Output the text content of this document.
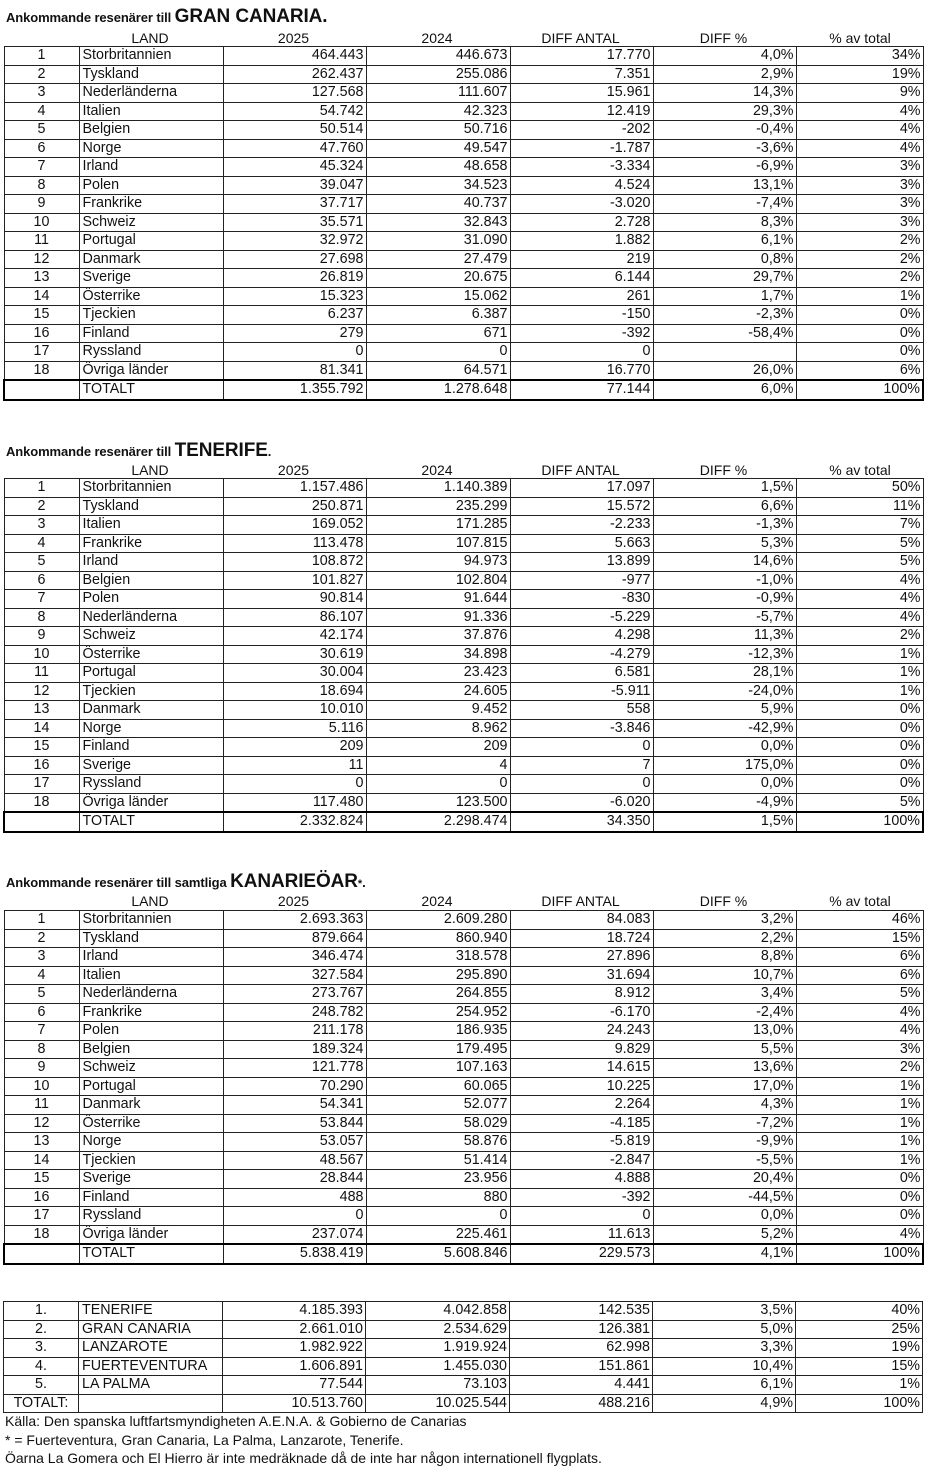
Ankommande resenärer till GRAN CANARIA.
LAND	2025	2024	DIFF ANTAL	DIFF %	% av total
1	Storbritannien	464.443	446.673	17.770	4,0%	34%
2	Tyskland	262.437	255.086	7.351	2,9%	19%
3	Nederländerna	127.568	111.607	15.961	14,3%	9%
4	Italien	54.742	42.323	12.419	29,3%	4%
5	Belgien	50.514	50.716	-202	-0,4%	4%
6	Norge	47.760	49.547	-1.787	-3,6%	4%
7	Irland	45.324	48.658	-3.334	-6,9%	3%
8	Polen	39.047	34.523	4.524	13,1%	3%
9	Frankrike	37.717	40.737	-3.020	-7,4%	3%
10	Schweiz	35.571	32.843	2.728	8,3%	3%
11	Portugal	32.972	31.090	1.882	6,1%	2%
12	Danmark	27.698	27.479	219	0,8%	2%
13	Sverige	26.819	20.675	6.144	29,7%	2%
14	Österrike	15.323	15.062	261	1,7%	1%
15	Tjeckien	6.237	6.387	-150	-2,3%	0%
16	Finland	279	671	-392	-58,4%	0%
17	Ryssland	0	0	0		0%
18	Övriga länder	81.341	64.571	16.770	26,0%	6%
	TOTALT	1.355.792	1.278.648	77.144	6,0%	100%
Ankommande resenärer till TENERIFE.
LAND	2025	2024	DIFF ANTAL	DIFF %	% av total
1	Storbritannien	1.157.486	1.140.389	17.097	1,5%	50%
2	Tyskland	250.871	235.299	15.572	6,6%	11%
3	Italien	169.052	171.285	-2.233	-1,3%	7%
4	Frankrike	113.478	107.815	5.663	5,3%	5%
5	Irland	108.872	94.973	13.899	14,6%	5%
6	Belgien	101.827	102.804	-977	-1,0%	4%
7	Polen	90.814	91.644	-830	-0,9%	4%
8	Nederländerna	86.107	91.336	-5.229	-5,7%	4%
9	Schweiz	42.174	37.876	4.298	11,3%	2%
10	Österrike	30.619	34.898	-4.279	-12,3%	1%
11	Portugal	30.004	23.423	6.581	28,1%	1%
12	Tjeckien	18.694	24.605	-5.911	-24,0%	1%
13	Danmark	10.010	9.452	558	5,9%	0%
14	Norge	5.116	8.962	-3.846	-42,9%	0%
15	Finland	209	209	0	0,0%	0%
16	Sverige	11	4	7	175,0%	0%
17	Ryssland	0	0	0	0,0%	0%
18	Övriga länder	117.480	123.500	-6.020	-4,9%	5%
	TOTALT	2.332.824	2.298.474	34.350	1,5%	100%
Ankommande resenärer till samtliga KANARIEÖAR*.
LAND	2025	2024	DIFF ANTAL	DIFF %	% av total
1	Storbritannien	2.693.363	2.609.280	84.083	3,2%	46%
2	Tyskland	879.664	860.940	18.724	2,2%	15%
3	Irland	346.474	318.578	27.896	8,8%	6%
4	Italien	327.584	295.890	31.694	10,7%	6%
5	Nederländerna	273.767	264.855	8.912	3,4%	5%
6	Frankrike	248.782	254.952	-6.170	-2,4%	4%
7	Polen	211.178	186.935	24.243	13,0%	4%
8	Belgien	189.324	179.495	9.829	5,5%	3%
9	Schweiz	121.778	107.163	14.615	13,6%	2%
10	Portugal	70.290	60.065	10.225	17,0%	1%
11	Danmark	54.341	52.077	2.264	4,3%	1%
12	Österrike	53.844	58.029	-4.185	-7,2%	1%
13	Norge	53.057	58.876	-5.819	-9,9%	1%
14	Tjeckien	48.567	51.414	-2.847	-5,5%	1%
15	Sverige	28.844	23.956	4.888	20,4%	0%
16	Finland	488	880	-392	-44,5%	0%
17	Ryssland	0	0	0	0,0%	0%
18	Övriga länder	237.074	225.461	11.613	5,2%	4%
	TOTALT	5.838.419	5.608.846	229.573	4,1%	100%
1.	TENERIFE	4.185.393	4.042.858	142.535	3,5%	40%
2.	GRAN CANARIA	2.661.010	2.534.629	126.381	5,0%	25%
3.	LANZAROTE	1.982.922	1.919.924	62.998	3,3%	19%
4.	FUERTEVENTURA	1.606.891	1.455.030	151.861	10,4%	15%
5.	LA PALMA	77.544	73.103	4.441	6,1%	1%
TOTALT:		10.513.760	10.025.544	488.216	4,9%	100%
Källa: Den spanska luftfartsmyndigheten A.E.N.A. & Gobierno de Canarias
* = Fuerteventura, Gran Canaria, La Palma, Lanzarote, Tenerife.
Öarna La Gomera och El Hierro är inte medräknade då de inte har någon internationell flygplats.
